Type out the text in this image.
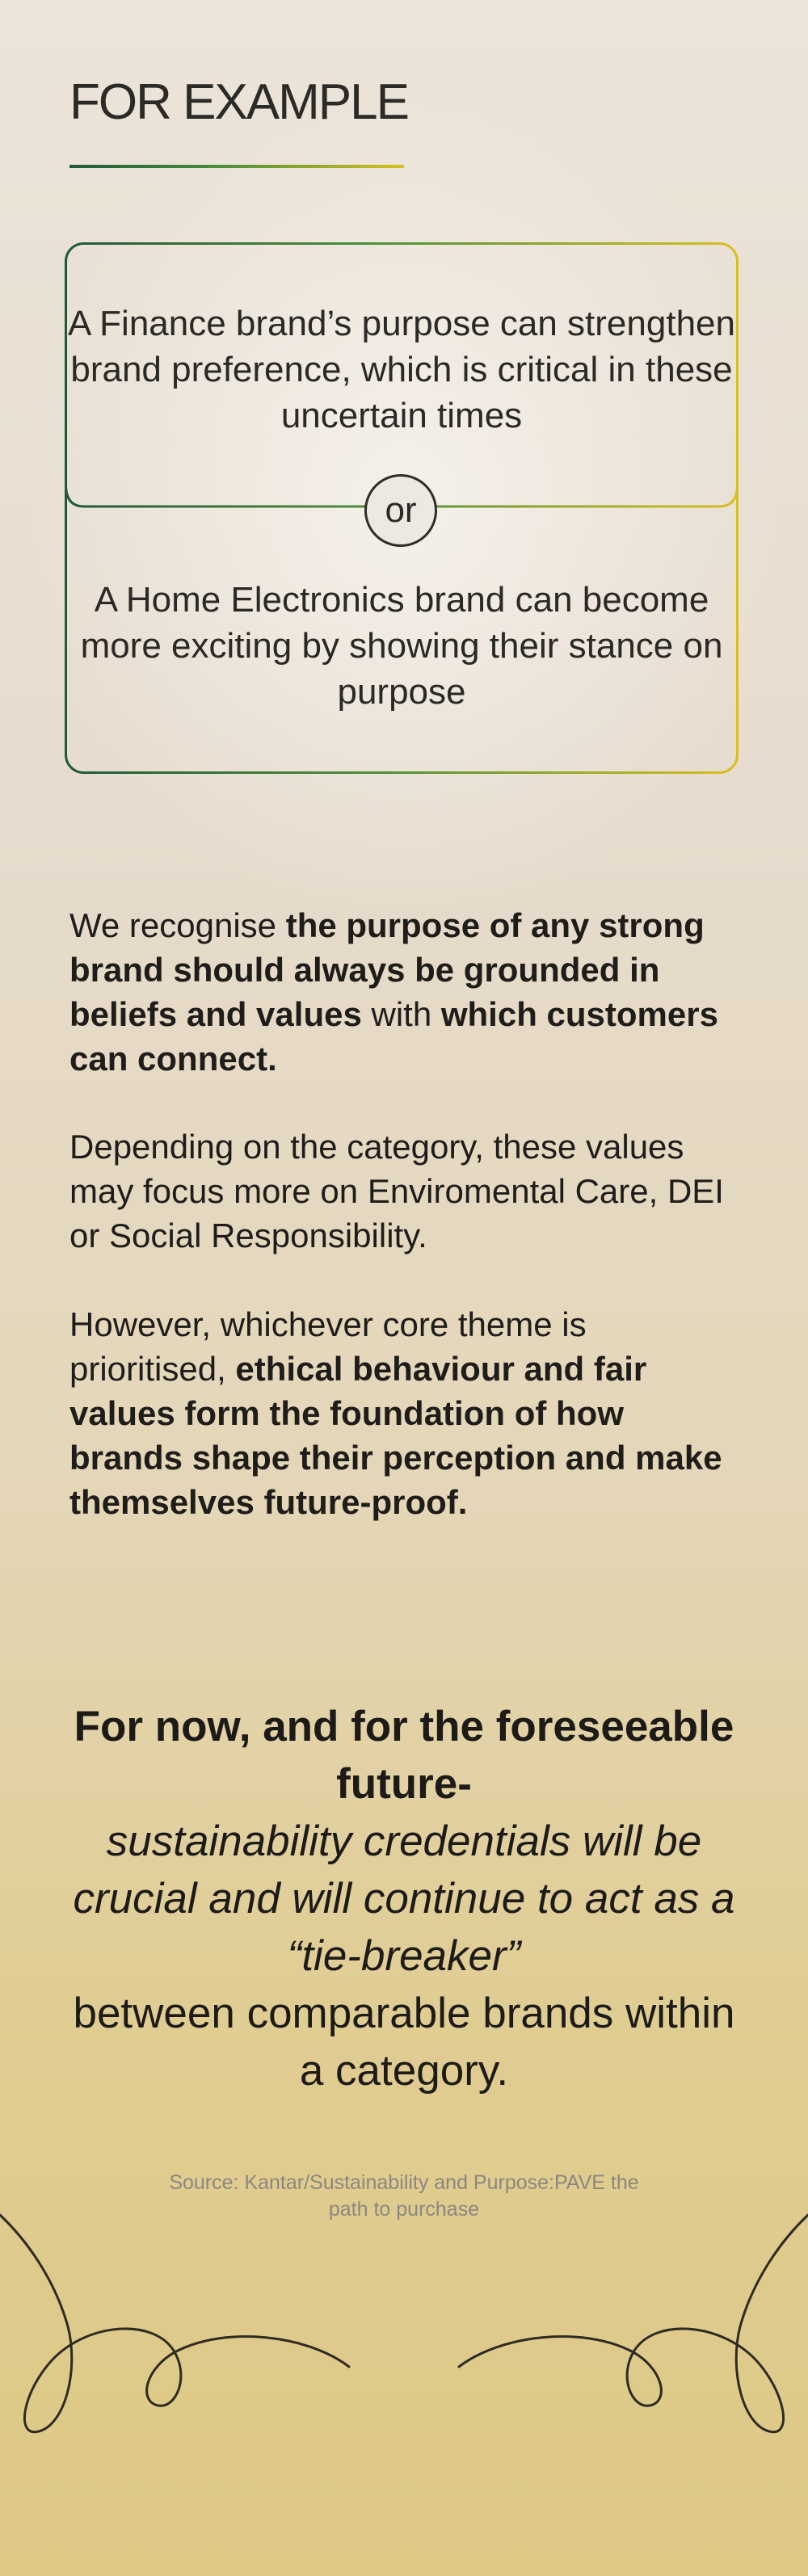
FOR EXAMPLE

A Finance brand’s purpose can strengthen brand preference, which is critical in these uncertain times

or

A Home Electronics brand can become more exciting by showing their stance on purpose

We recognise the purpose of any strong brand should always be grounded in beliefs and values with which customers can connect.

Depending on the category, these values may focus more on Enviromental Care, DEI or Social Responsibility.

However, whichever core theme is prioritised, ethical behaviour and fair values form the foundation of how brands shape their perception and make themselves future-proof.

For now, and for the foreseeable future-
sustainability credentials will be crucial and will continue to act as a “tie-breaker”
between comparable brands within a category.

Source: Kantar/Sustainability and Purpose:PAVE the path to purchase
